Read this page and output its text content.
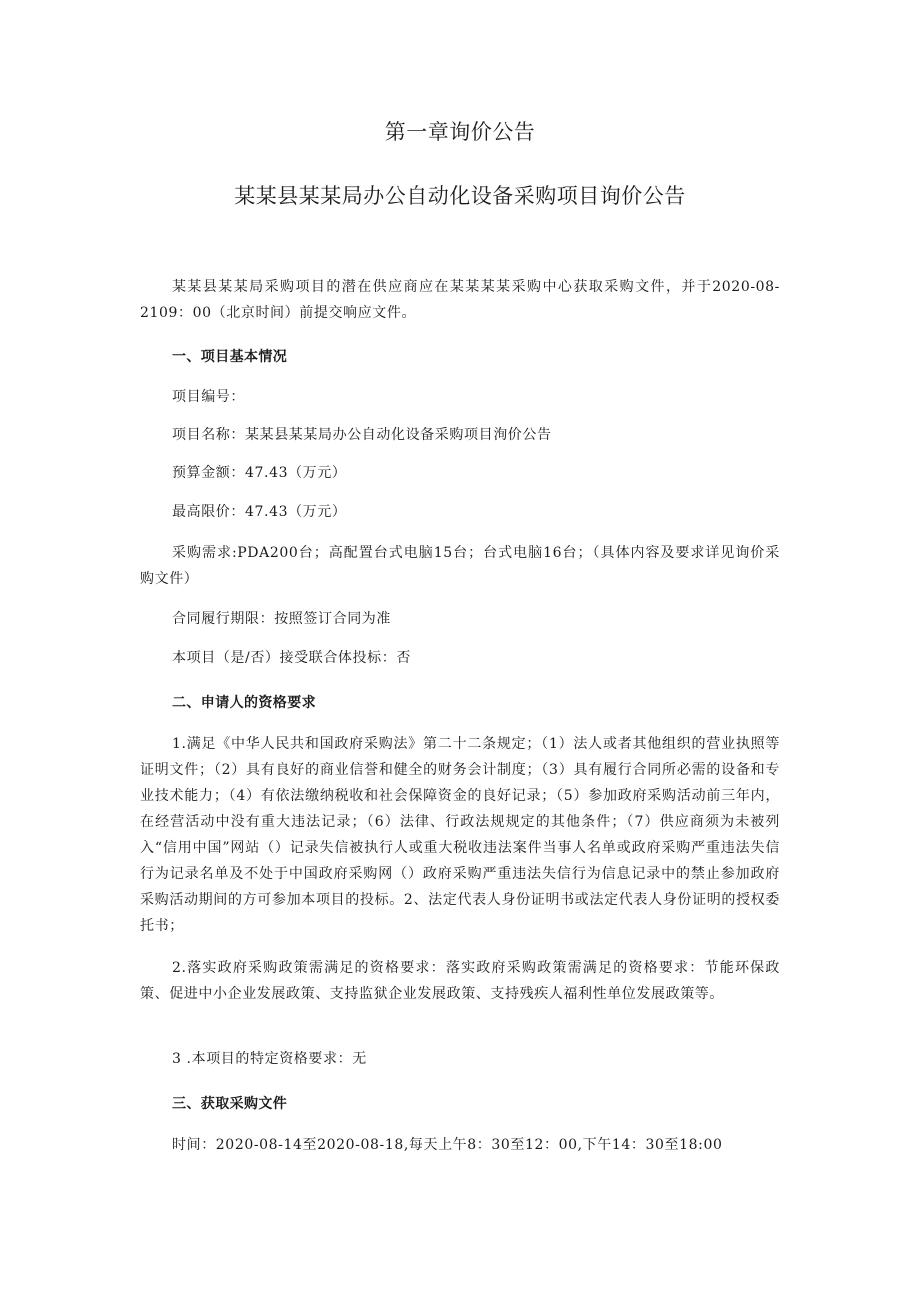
第一章询价公告
某某县某某局办公自动化设备采购项目询价公告

某某县某某局采购项目的潜在供应商应在某某某某采购中心获取采购文件，并于2020-08-2109：00（北京时间）前提交响应文件。

一、项目基本情况
项目编号：
项目名称：某某县某某局办公自动化设备采购项目洵价公告
预算金额：47.43（万元）
最高限价：47.43（万元）

采购需求:PDA200台；高配置台式电脑15台；台式电脑16台；（具体内容及要求详见询价采购文件）

合同履行期限：按照签订合同为准
本项目（是/否）接受联合体投标：否
二、申请人的资格要求

1.满足《中华人民共和国政府采购法》第二十二条规定；（1）法人或者其他组织的营业执照等证明文件；（2）具有良好的商业信誉和健全的财务会计制度；（3）具有履行合同所必需的设备和专业技术能力；（4）有依法缴纳税收和社会保障资金的良好记录；（5）参加政府采购活动前三年内，在经营活动中没有重大违法记录；（6）法律、行政法规规定的其他条件；（7）供应商须为未被列入“信用中国”网站（）记录失信被执行人或重大税收违法案件当事人名单或政府采购严重违法失信行为记录名单及不处于中国政府采购网（）政府采购严重违法失信行为信息记录中的禁止参加政府采购活动期间的方可参加本项目的投标。2、法定代表人身份证明书或法定代表人身份证明的授权委托书；

2.落实政府采购政策需满足的资格要求：落实政府采购政策需满足的资格要求：节能环保政策、促进中小企业发展政策、支持监狱企业发展政策、支持残疾人福利性单位发展政策等。

3 .本项目的特定资格要求：无
三、获取采购文件
时间：2020-08-14至2020-08-18,每天上午8：30至12：00,下午14：30至18:00
